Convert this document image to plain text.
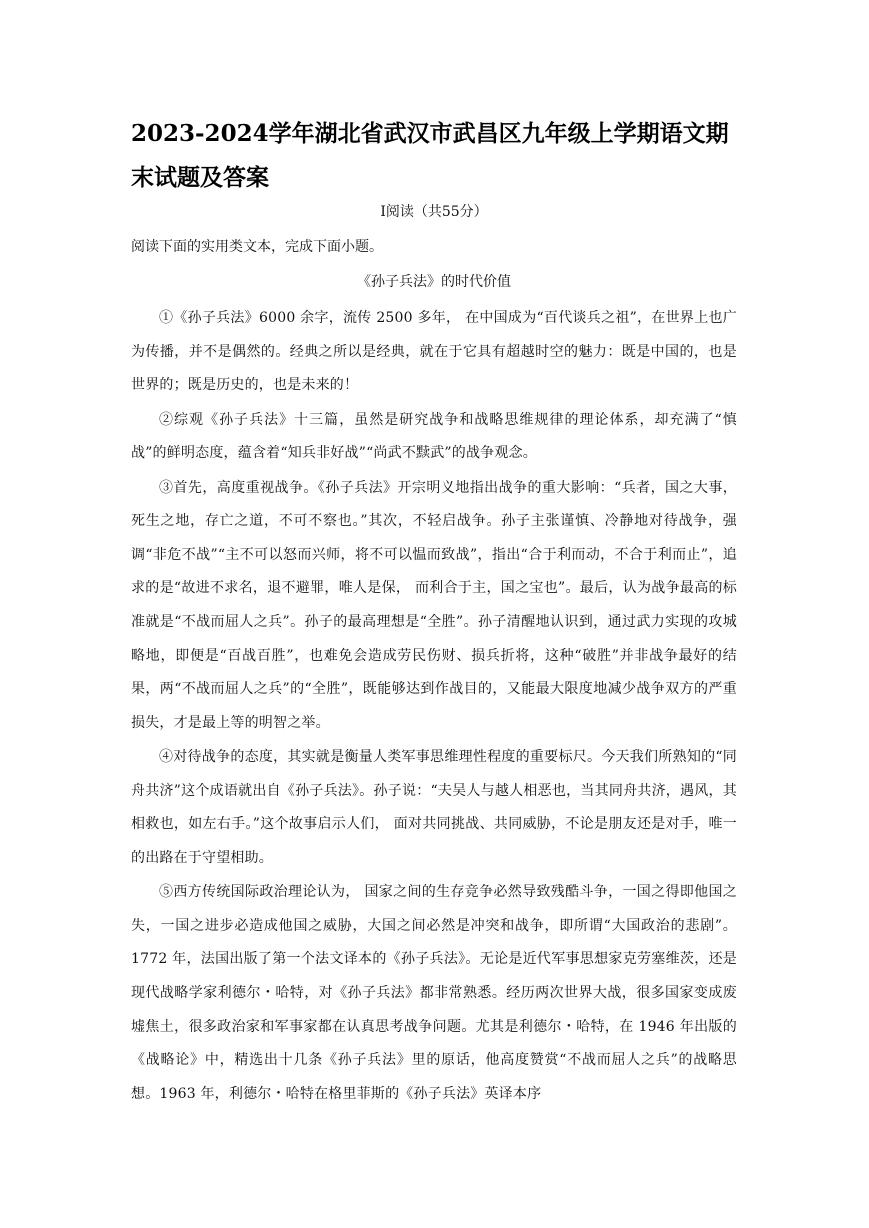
2023-2024学年湖北省武汉市武昌区九年级上学期语文期末试题及答案

Ⅰ阅读（共55分）

阅读下面的实用类文本，完成下面小题。

《孙子兵法》的时代价值

①《孙子兵法》6000 余字，流传 2500 多年， 在中国成为“百代谈兵之祖”，在世界上也广为传播，并不是偶然的。经典之所以是经典，就在于它具有超越时空的魅力：既是中国的，也是世界的；既是历史的，也是未来的！

②综观《孙子兵法》十三篇，虽然是研究战争和战略思维规律的理论体系，却充满了“慎战”的鲜明态度，蕴含着“知兵非好战”“尚武不黩武”的战争观念。

③首先，高度重视战争。《孙子兵法》开宗明义地指出战争的重大影响：“兵者，国之大事，死生之地，存亡之道，不可不察也。”其次，不轻启战争。孙子主张谨慎、冷静地对待战争，强调“非危不战”“主不可以怒而兴师，将不可以愠而致战”，指出“合于利而动，不合于利而止”，追求的是“故进不求名，退不避罪，唯人是保， 而利合于主，国之宝也”。最后，认为战争最高的标准就是“不战而屈人之兵”。孙子的最高理想是“全胜”。孙子清醒地认识到，通过武力实现的攻城略地，即便是“百战百胜”，也难免会造成劳民伤财、损兵折将，这种“破胜”并非战争最好的结果，两“不战而屈人之兵”的“全胜”，既能够达到作战目的，又能最大限度地减少战争双方的严重损失，才是最上等的明智之举。

④对待战争的态度，其实就是衡量人类军事思维理性程度的重要标尺。今天我们所熟知的“同舟共济”这个成语就出自《孙子兵法》。孙子说：“夫吴人与越人相恶也，当其同舟共济，遇风，其相救也，如左右手。”这个故事启示人们， 面对共同挑战、共同威胁，不论是朋友还是对手，唯一的出路在于守望相助。

⑤西方传统国际政治理论认为， 国家之间的生存竞争必然导致残酷斗争，一国之得即他国之失，一国之进步必造成他国之威胁，大国之间必然是冲突和战争，即所谓“大国政治的悲剧”。1772 年，法国出版了第一个法文译本的《孙子兵法》。无论是近代军事思想家克劳塞维茨，还是现代战略学家利德尔・哈特，对《孙子兵法》都非常熟悉。经历两次世界大战，很多国家变成废墟焦土，很多政治家和军事家都在认真思考战争问题。尤其是利德尔・哈特，在 1946 年出版的《战略论》中，精选出十几条《孙子兵法》里的原话，他高度赞赏“不战而屈人之兵”的战略思想。1963 年，利德尔・哈特在格里菲斯的《孙子兵法》英译本序
